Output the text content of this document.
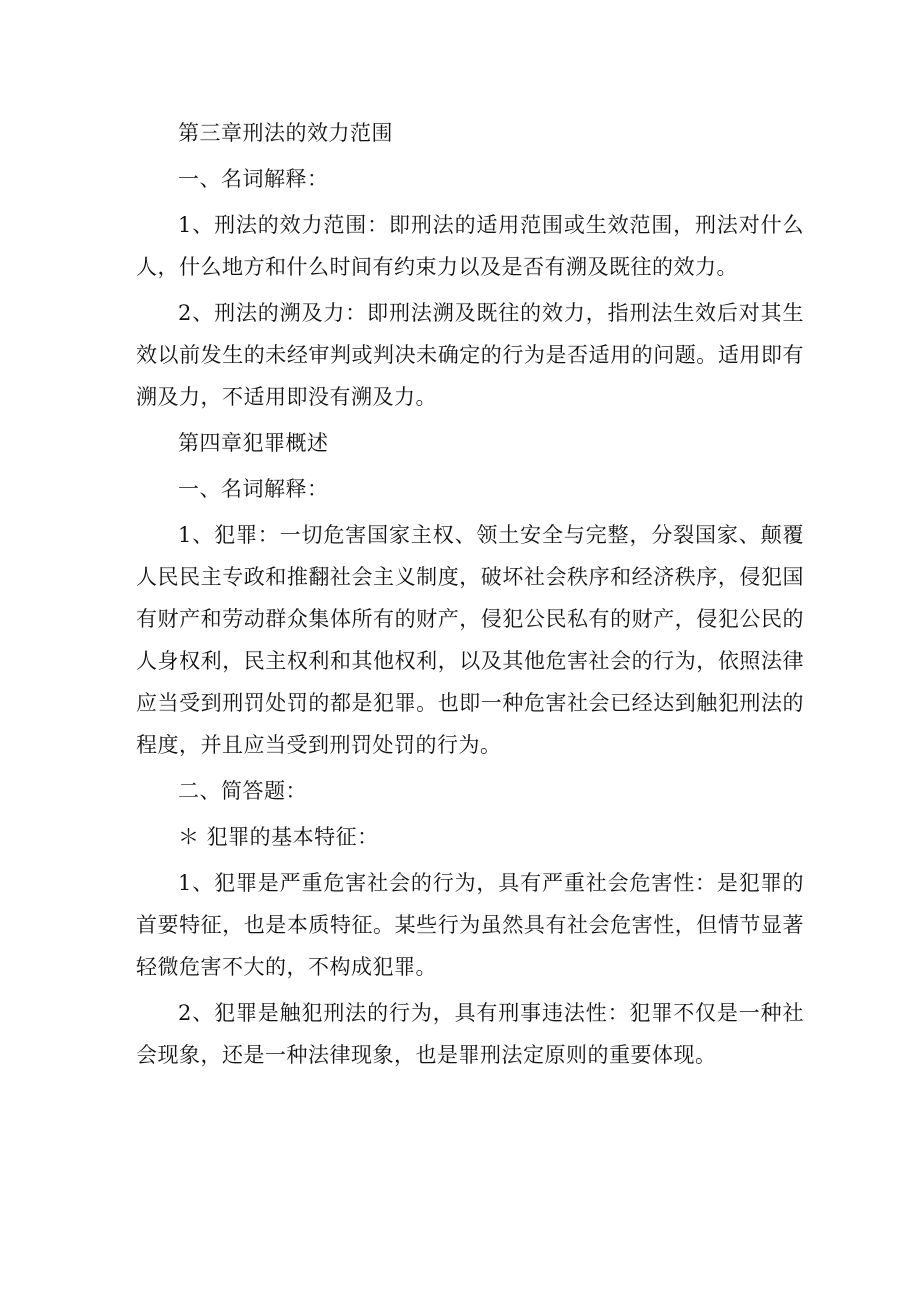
第三章刑法的效力范围

一、名词解释：

1、刑法的效力范围：即刑法的适用范围或生效范围，刑法对什么 人，什么地方和什么时间有约束力以及是否有溯及既往的效力。

2、刑法的溯及力：即刑法溯及既往的效力，指刑法生效后对其生 效以前发生的未经审判或判决未确定的行为是否适用的问题。适用即有 溯及力，不适用即没有溯及力。

第四章犯罪概述

一、名词解释：

1、犯罪：一切危害国家主权、领土安全与完整，分裂国家、颠覆 人民民主专政和推翻社会主义制度，破坏社会秩序和经济秩序，侵犯国 有财产和劳动群众集体所有的财产，侵犯公民私有的财产，侵犯公民的 人身权利，民主权利和其他权利，以及其他危害社会的行为，依照法律 应当受到刑罚处罚的都是犯罪。也即一种危害社会已经达到触犯刑法的 程度，并且应当受到刑罚处罚的行为。

二、简答题：

＊ 犯罪的基本特征：

1、犯罪是严重危害社会的行为，具有严重社会危害性：是犯罪的 首要特征，也是本质特征。某些行为虽然具有社会危害性，但情节显著 轻微危害不大的，不构成犯罪。

2、犯罪是触犯刑法的行为，具有刑事违法性：犯罪不仅是一种社 会现象，还是一种法律现象，也是罪刑法定原则的重要体现。
